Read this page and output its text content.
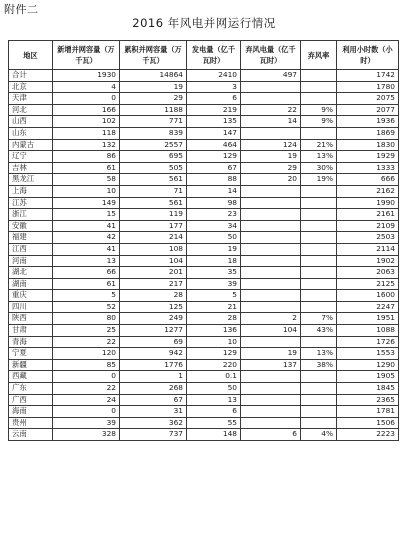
附件二
2016 年风电并网运行情况
地区	新增并网容量（万千瓦）	累积并网容量（万千瓦）	发电量（亿千瓦时）	弃风电量（亿千瓦时）	弃风率	利用小时数（小时）
合计	1930	14864	2410	497		1742
北京	4	19	3			1780
天津	0	29	6			2075
河北	166	1188	219	22	9%	2077
山西	102	771	135	14	9%	1936
山东	118	839	147			1869
内蒙古	132	2557	464	124	21%	1830
辽宁	86	695	129	19	13%	1929
吉林	61	505	67	29	30%	1333
黑龙江	58	561	88	20	19%	666
上海	10	71	14			2162
江苏	149	561	98			1990
浙江	15	119	23			2161
安徽	41	177	34			2109
福建	42	214	50			2503
江西	41	108	19			2114
河南	13	104	18			1902
湖北	66	201	35			2063
湖南	61	217	39			2125
重庆	5	28	5			1600
四川	52	125	21			2247
陕西	80	249	28	2	7%	1951
甘肃	25	1277	136	104	43%	1088
青海	22	69	10			1726
宁夏	120	942	129	19	13%	1553
新疆	85	1776	220	137	38%	1290
西藏	0	1	0.1			1905
广东	22	268	50			1845
广西	24	67	13			2365
海南	0	31	6			1781
贵州	39	362	55			1506
云南	328	737	148	6	4%	2223
